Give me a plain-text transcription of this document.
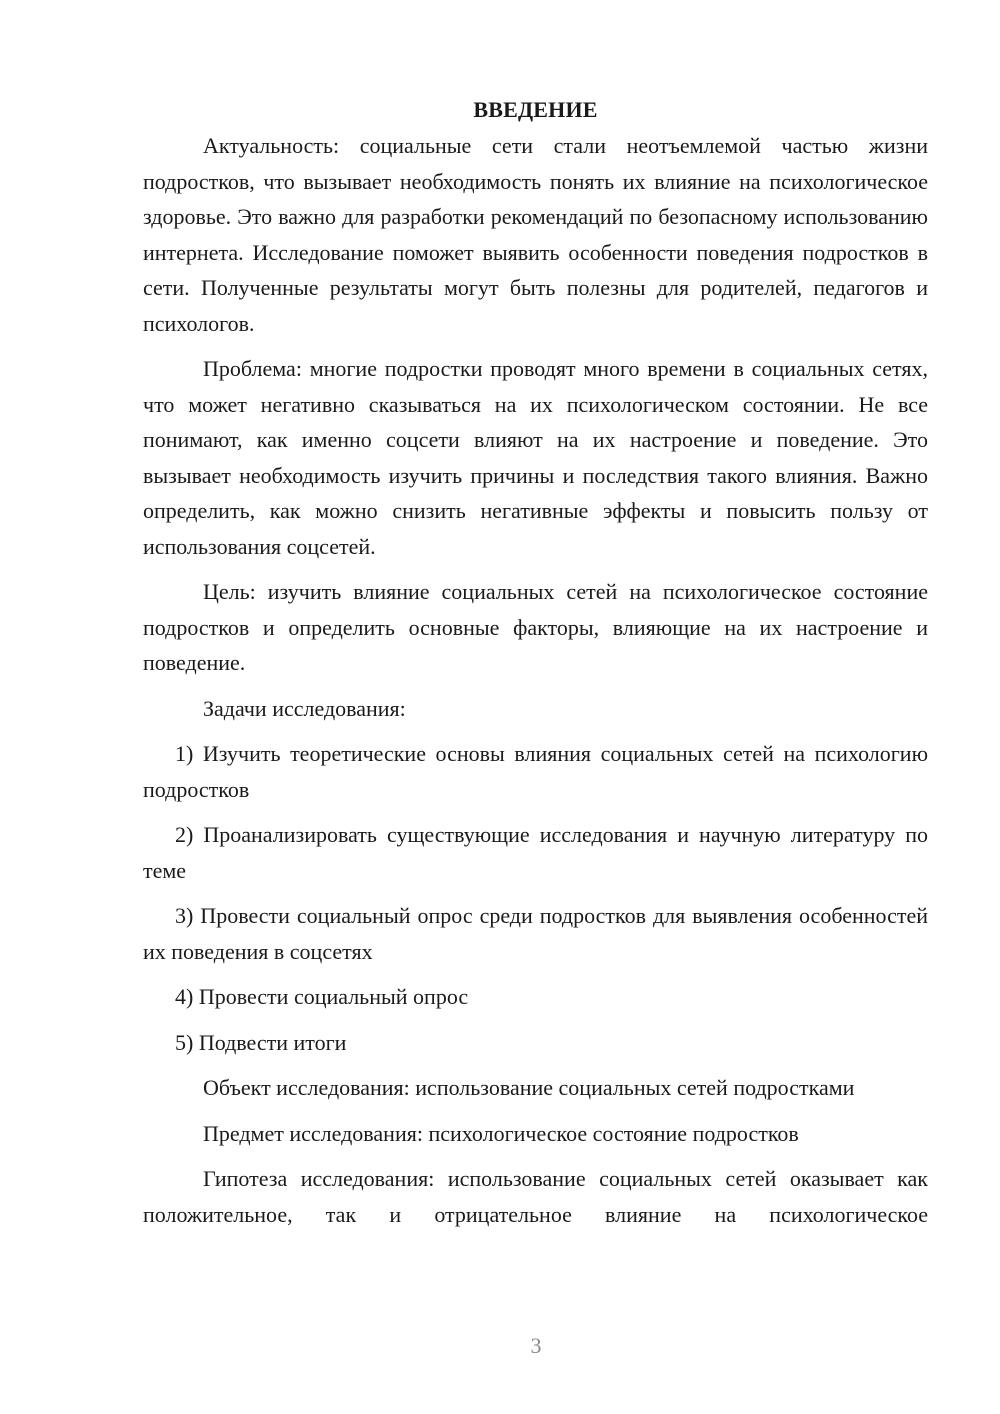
ВВЕДЕНИЕ

Актуальность: социальные сети стали неотъемлемой частью жизни подростков, что вызывает необходимость понять их влияние на психологическое здоровье. Это важно для разработки рекомендаций по безопасному использованию интернета. Исследование поможет выявить особенности поведения подростков в сети. Полученные результаты могут быть полезны для родителей, педагогов и психологов.

Проблема: многие подростки проводят много времени в социальных сетях, что может негативно сказываться на их психологическом состоянии. Не все понимают, как именно соцсети влияют на их настроение и поведение. Это вызывает необходимость изучить причины и последствия такого влияния. Важно определить, как можно снизить негативные эффекты и повысить пользу от использования соцсетей.

Цель: изучить влияние социальных сетей на психологическое состояние подростков и определить основные факторы, влияющие на их настроение и поведение.

Задачи исследования:

1) Изучить теоретические основы влияния социальных сетей на психологию подростков

2) Проанализировать существующие исследования и научную литературу по теме

3) Провести социальный опрос среди подростков для выявления особенностей их поведения в соцсетях

4) Провести социальный опрос

5) Подвести итоги

Объект исследования: использование социальных сетей подростками

Предмет исследования: психологическое состояние подростков

Гипотеза исследования: использование социальных сетей оказывает как положительное, так и отрицательное влияние на психологическое

3
